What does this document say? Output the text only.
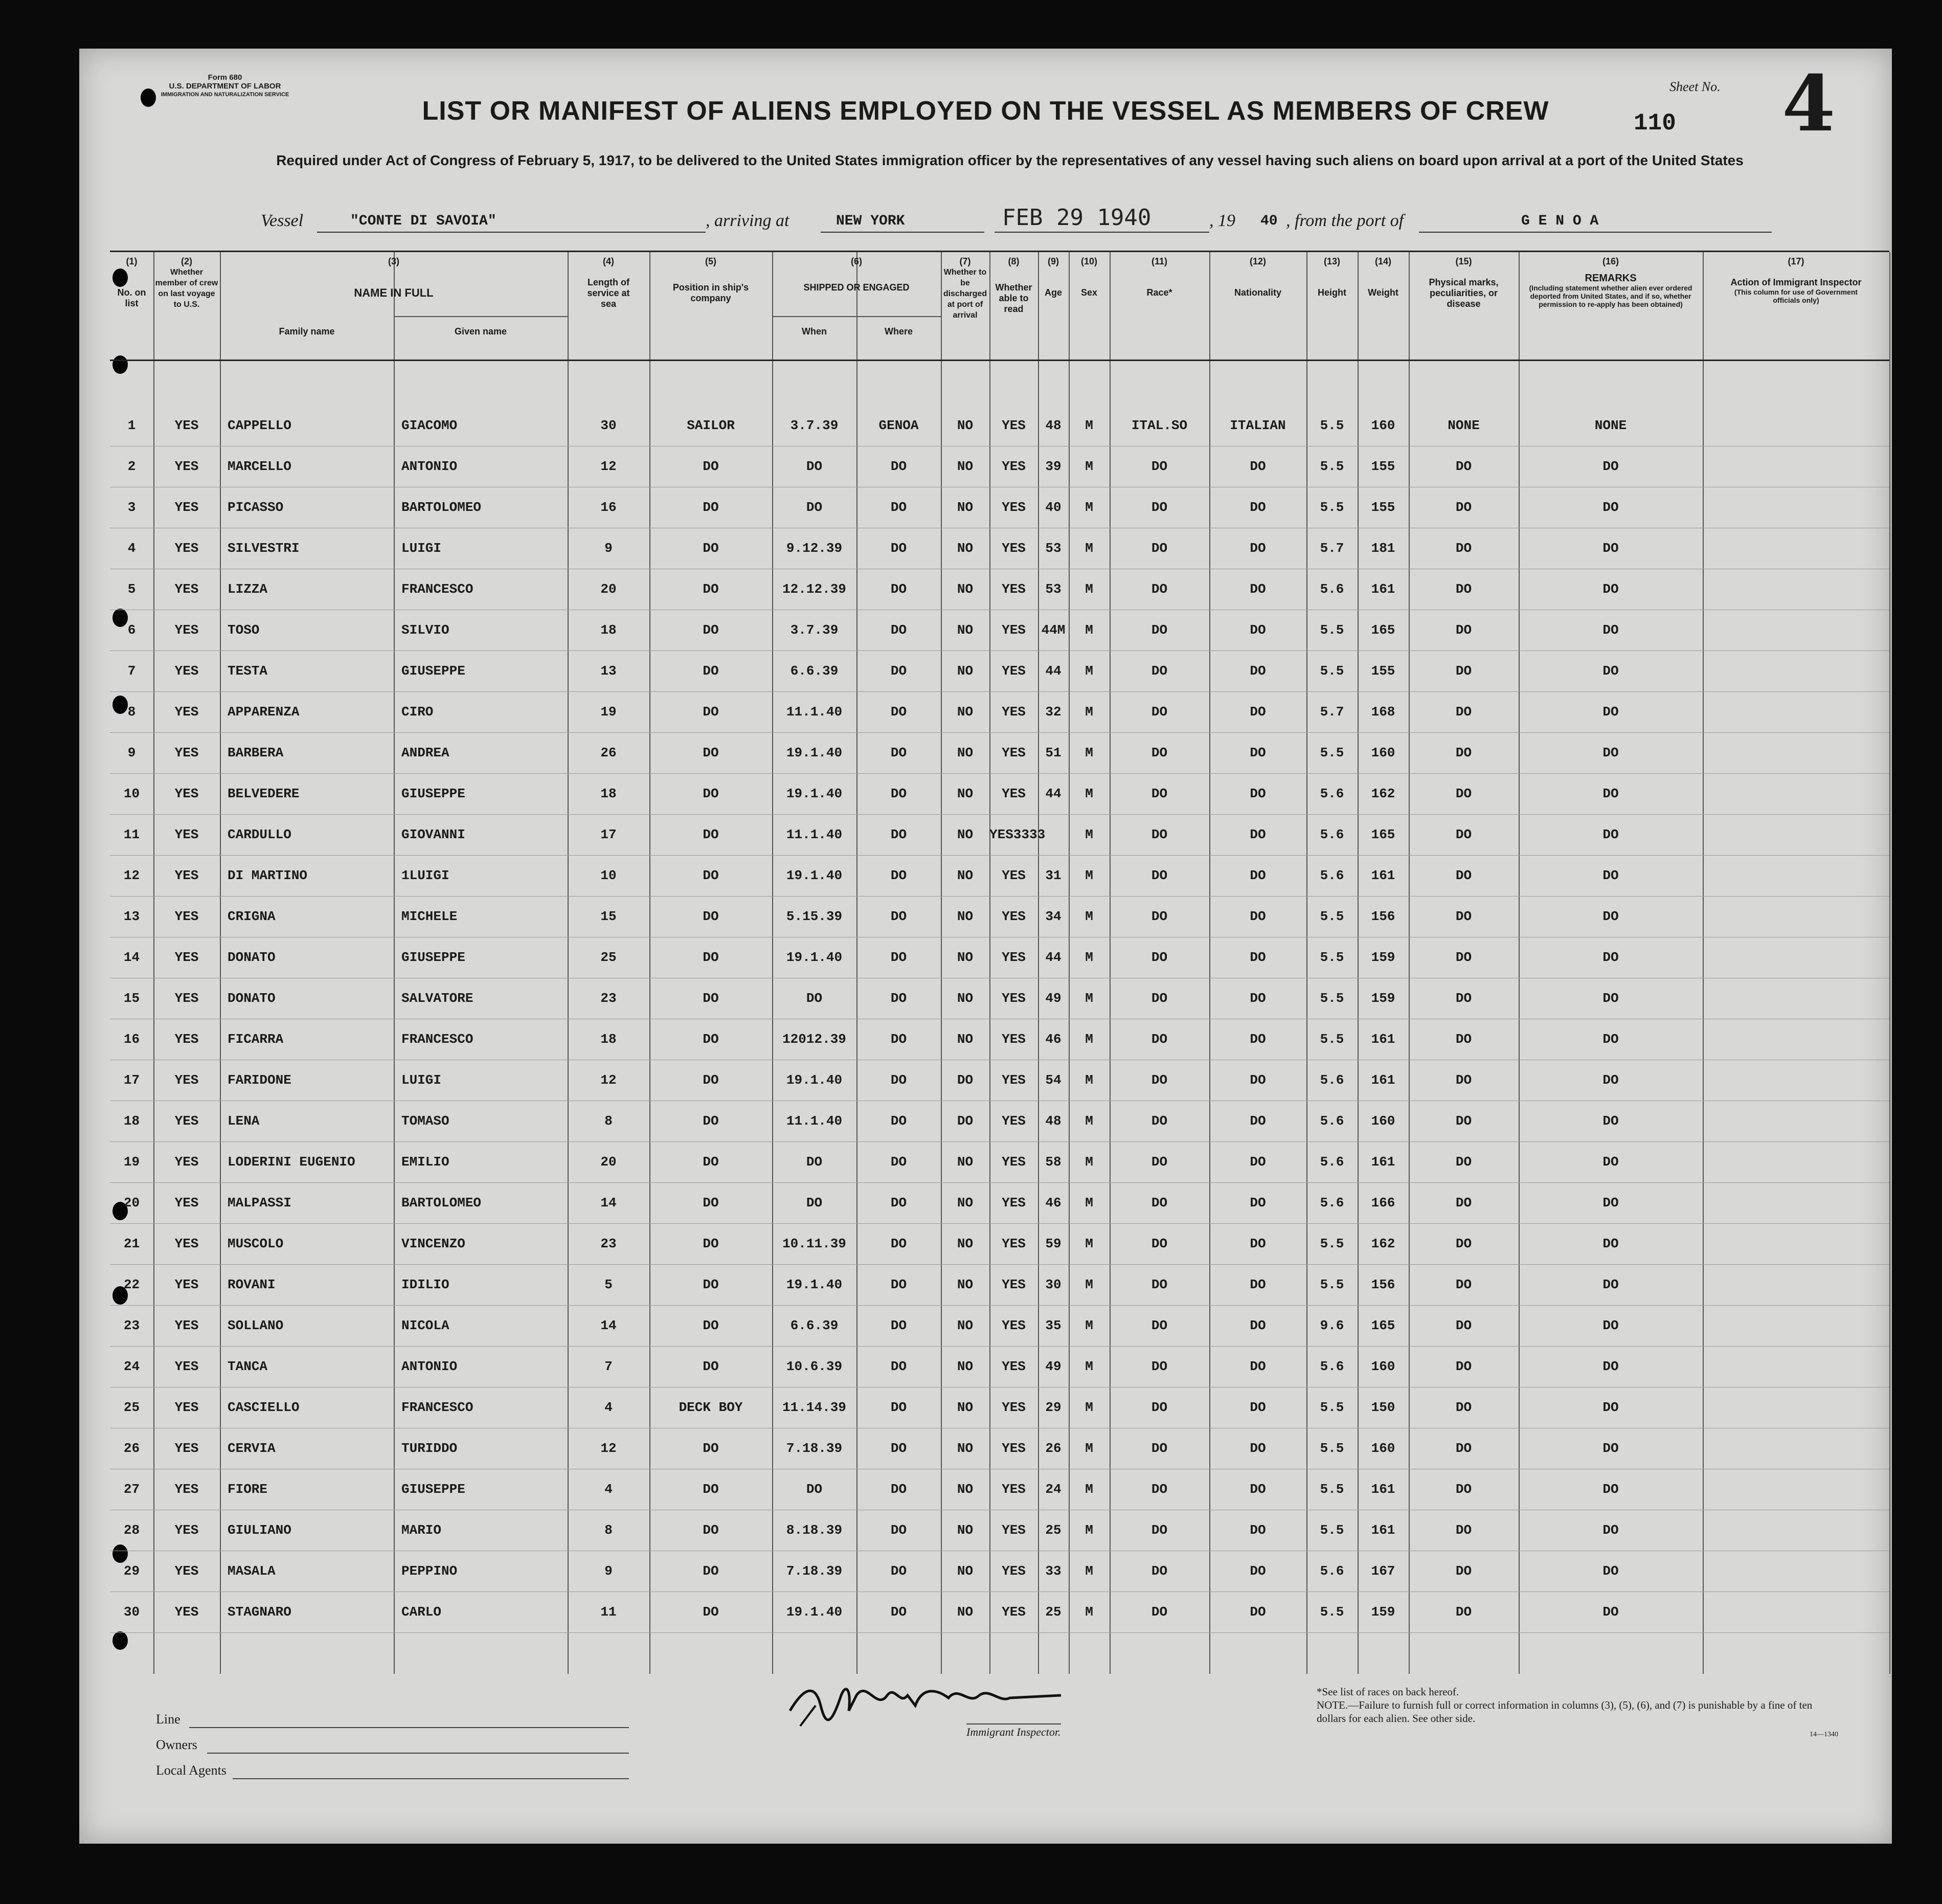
Form 680
U.S. DEPARTMENT OF LABOR
IMMIGRATION AND NATURALIZATION SERVICE
Sheet No. 4
110
LIST OR MANIFEST OF ALIENS EMPLOYED ON THE VESSEL AS MEMBERS OF CREW
Required under Act of Congress of February 5, 1917, to be delivered to the United States immigration officer by the representatives of any vessel having such aliens on board upon arrival at a port of the United States
Vessel	"CONTE DI SAVOIA"	, arriving at	NEW YORK	FEB 29 1940	, 19 40 , from the port of	G E N O A
(1)
No. on list
(2)
Whether member of crew on last voyage to U.S.
(3)
NAME IN FULL
Family name	Given name
(4)
Length of service at sea
(5)
Position in ship's company
(6)
SHIPPED OR ENGAGED
When	Where
(7)
Whether to be discharged at port of arrival
(8)
Whether able to read
(9)
Age
(10)
Sex
(11)
Race*
(12)
Nationality
(13)
Height
(14)
Weight
(15)
Physical marks, peculiarities, or disease
(16)
REMARKS
(Including statement whether alien ever ordered deported from United States, and if so, whether permission to re-apply has been obtained)
(17)
Action of Immigrant Inspector
(This column for use of Government officials only)
1	YES	CAPPELLO	GIACOMO	30	SAILOR	3.7.39	GENOA	NO	YES	48	M	ITAL.SO	ITALIAN	5.5	160	NONE	NONE
2	YES	MARCELLO	ANTONIO	12	DO	DO	DO	NO	YES	39	M	DO	DO	5.5	155	DO	DO
3	YES	PICASSO	BARTOLOMEO	16	DO	DO	DO	NO	YES	40	M	DO	DO	5.5	155	DO	DO
4	YES	SILVESTRI	LUIGI	9	DO	9.12.39	DO	NO	YES	53	M	DO	DO	5.7	181	DO	DO
5	YES	LIZZA	FRANCESCO	20	DO	12.12.39	DO	NO	YES	53	M	DO	DO	5.6	161	DO	DO
6	YES	TOSO	SILVIO	18	DO	3.7.39	DO	NO	YES	44M	M	DO	DO	5.5	165	DO	DO
7	YES	TESTA	GIUSEPPE	13	DO	6.6.39	DO	NO	YES	44	M	DO	DO	5.5	155	DO	DO
8	YES	APPARENZA	CIRO	19	DO	11.1.40	DO	NO	YES	32	M	DO	DO	5.7	168	DO	DO
9	YES	BARBERA	ANDREA	26	DO	19.1.40	DO	NO	YES	51	M	DO	DO	5.5	160	DO	DO
10	YES	BELVEDERE	GIUSEPPE	18	DO	19.1.40	DO	NO	YES	44	M	DO	DO	5.6	162	DO	DO
11	YES	CARDULLO	GIOVANNI	17	DO	11.1.40	DO	NO	YES3333	M	DO	DO	5.6	165	DO	DO
12	YES	DI MARTINO	1LUIGI	10	DO	19.1.40	DO	NO	YES	31	M	DO	DO	5.6	161	DO	DO
13	YES	CRIGNA	MICHELE	15	DO	5.15.39	DO	NO	YES	34	M	DO	DO	5.5	156	DO	DO
14	YES	DONATO	GIUSEPPE	25	DO	19.1.40	DO	NO	YES	44	M	DO	DO	5.5	159	DO	DO
15	YES	DONATO	SALVATORE	23	DO	DO	DO	NO	YES	49	M	DO	DO	5.5	159	DO	DO
16	YES	FICARRA	FRANCESCO	18	DO	12012.39	DO	NO	YES	46	M	DO	DO	5.5	161	DO	DO
17	YES	FARIDONE	LUIGI	12	DO	19.1.40	DO	DO	YES	54	M	DO	DO	5.6	161	DO	DO
18	YES	LENA	TOMASO	8	DO	11.1.40	DO	DO	YES	48	M	DO	DO	5.6	160	DO	DO
19	YES	LODERINI EUGENIO	EMILIO	20	DO	DO	DO	NO	YES	58	M	DO	DO	5.6	161	DO	DO
20	YES	MALPASSI	BARTOLOMEO	14	DO	DO	DO	NO	YES	46	M	DO	DO	5.6	166	DO	DO
21	YES	MUSCOLO	VINCENZO	23	DO	10.11.39	DO	NO	YES	59	M	DO	DO	5.5	162	DO	DO
22	YES	ROVANI	IDILIO	5	DO	19.1.40	DO	NO	YES	30	M	DO	DO	5.5	156	DO	DO
23	YES	SOLLANO	NICOLA	14	DO	6.6.39	DO	NO	YES	35	M	DO	DO	9.6	165	DO	DO
24	YES	TANCA	ANTONIO	7	DO	10.6.39	DO	NO	YES	49	M	DO	DO	5.6	160	DO	DO
25	YES	CASCIELLO	FRANCESCO	4	DECK BOY	11.14.39	DO	NO	YES	29	M	DO	DO	5.5	150	DO	DO
26	YES	CERVIA	TURIDDO	12	DO	7.18.39	DO	NO	YES	26	M	DO	DO	5.5	160	DO	DO
27	YES	FIORE	GIUSEPPE	4	DO	DO	DO	NO	YES	24	M	DO	DO	5.5	161	DO	DO
28	YES	GIULIANO	MARIO	8	DO	8.18.39	DO	NO	YES	25	M	DO	DO	5.5	161	DO	DO
29	YES	MASALA	PEPPINO	9	DO	7.18.39	DO	NO	YES	33	M	DO	DO	5.6	167	DO	DO
30	YES	STAGNARO	CARLO	11	DO	19.1.40	DO	NO	YES	25	M	DO	DO	5.5	159	DO	DO
Line
Owners
Local Agents
Immigrant Inspector.
*See list of races on back hereof.
NOTE.—Failure to furnish full or correct information in columns (3), (5), (6), and (7) is punishable by a fine of ten dollars for each alien. See other side.
14—1340
